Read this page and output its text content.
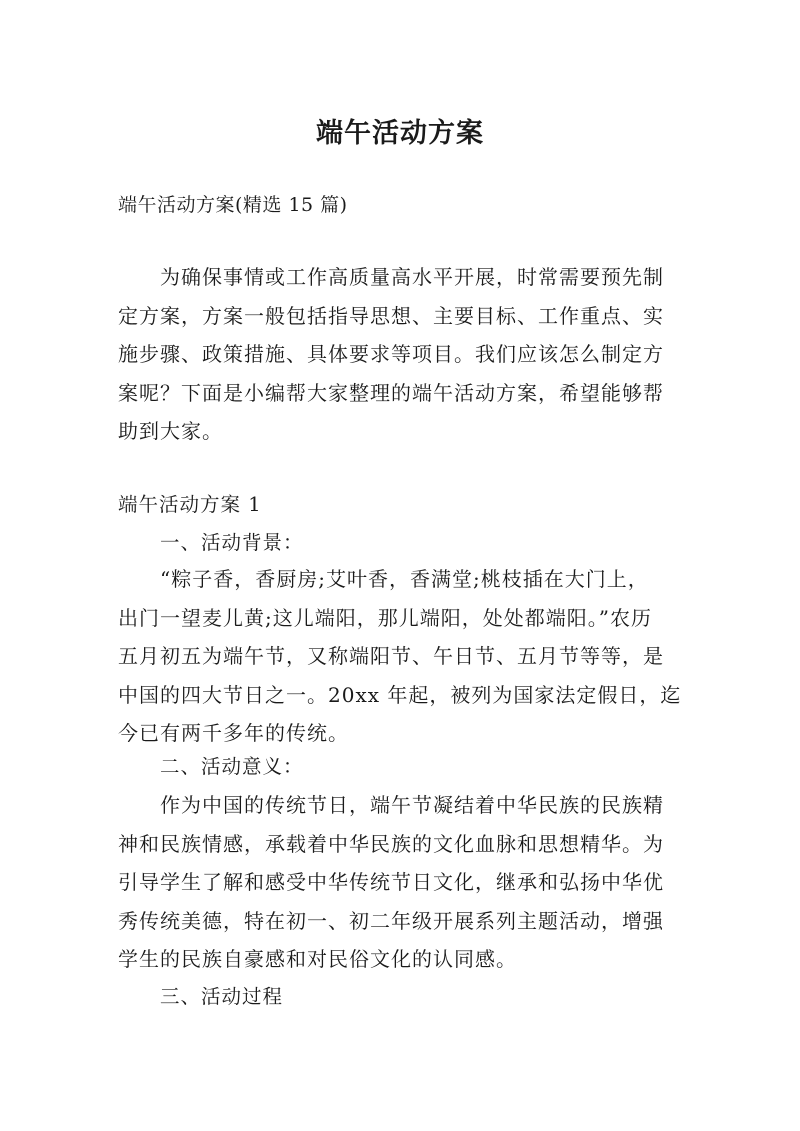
端午活动方案
端午活动方案(精选 15 篇)

为确保事情或工作高质量高水平开展，时常需要预先制
定方案，方案一般包括指导思想、主要目标、工作重点、实
施步骤、政策措施、具体要求等项目。我们应该怎么制定方
案呢？下面是小编帮大家整理的端午活动方案，希望能够帮
助到大家。

端午活动方案 1
一、活动背景：

“粽子香，香厨房;艾叶香，香满堂;桃枝插在大门上，
出门一望麦儿黄;这儿端阳，那儿端阳，处处都端阳。”农历
五月初五为端午节，又称端阳节、午日节、五月节等等，是
中国的四大节日之一。20xx 年起，被列为国家法定假日，迄
今已有两千多年的传统。

二、活动意义：

作为中国的传统节日，端午节凝结着中华民族的民族精
神和民族情感，承载着中华民族的文化血脉和思想精华。为
引导学生了解和感受中华传统节日文化，继承和弘扬中华优
秀传统美德，特在初一、初二年级开展系列主题活动，增强
学生的民族自豪感和对民俗文化的认同感。

三、活动过程
